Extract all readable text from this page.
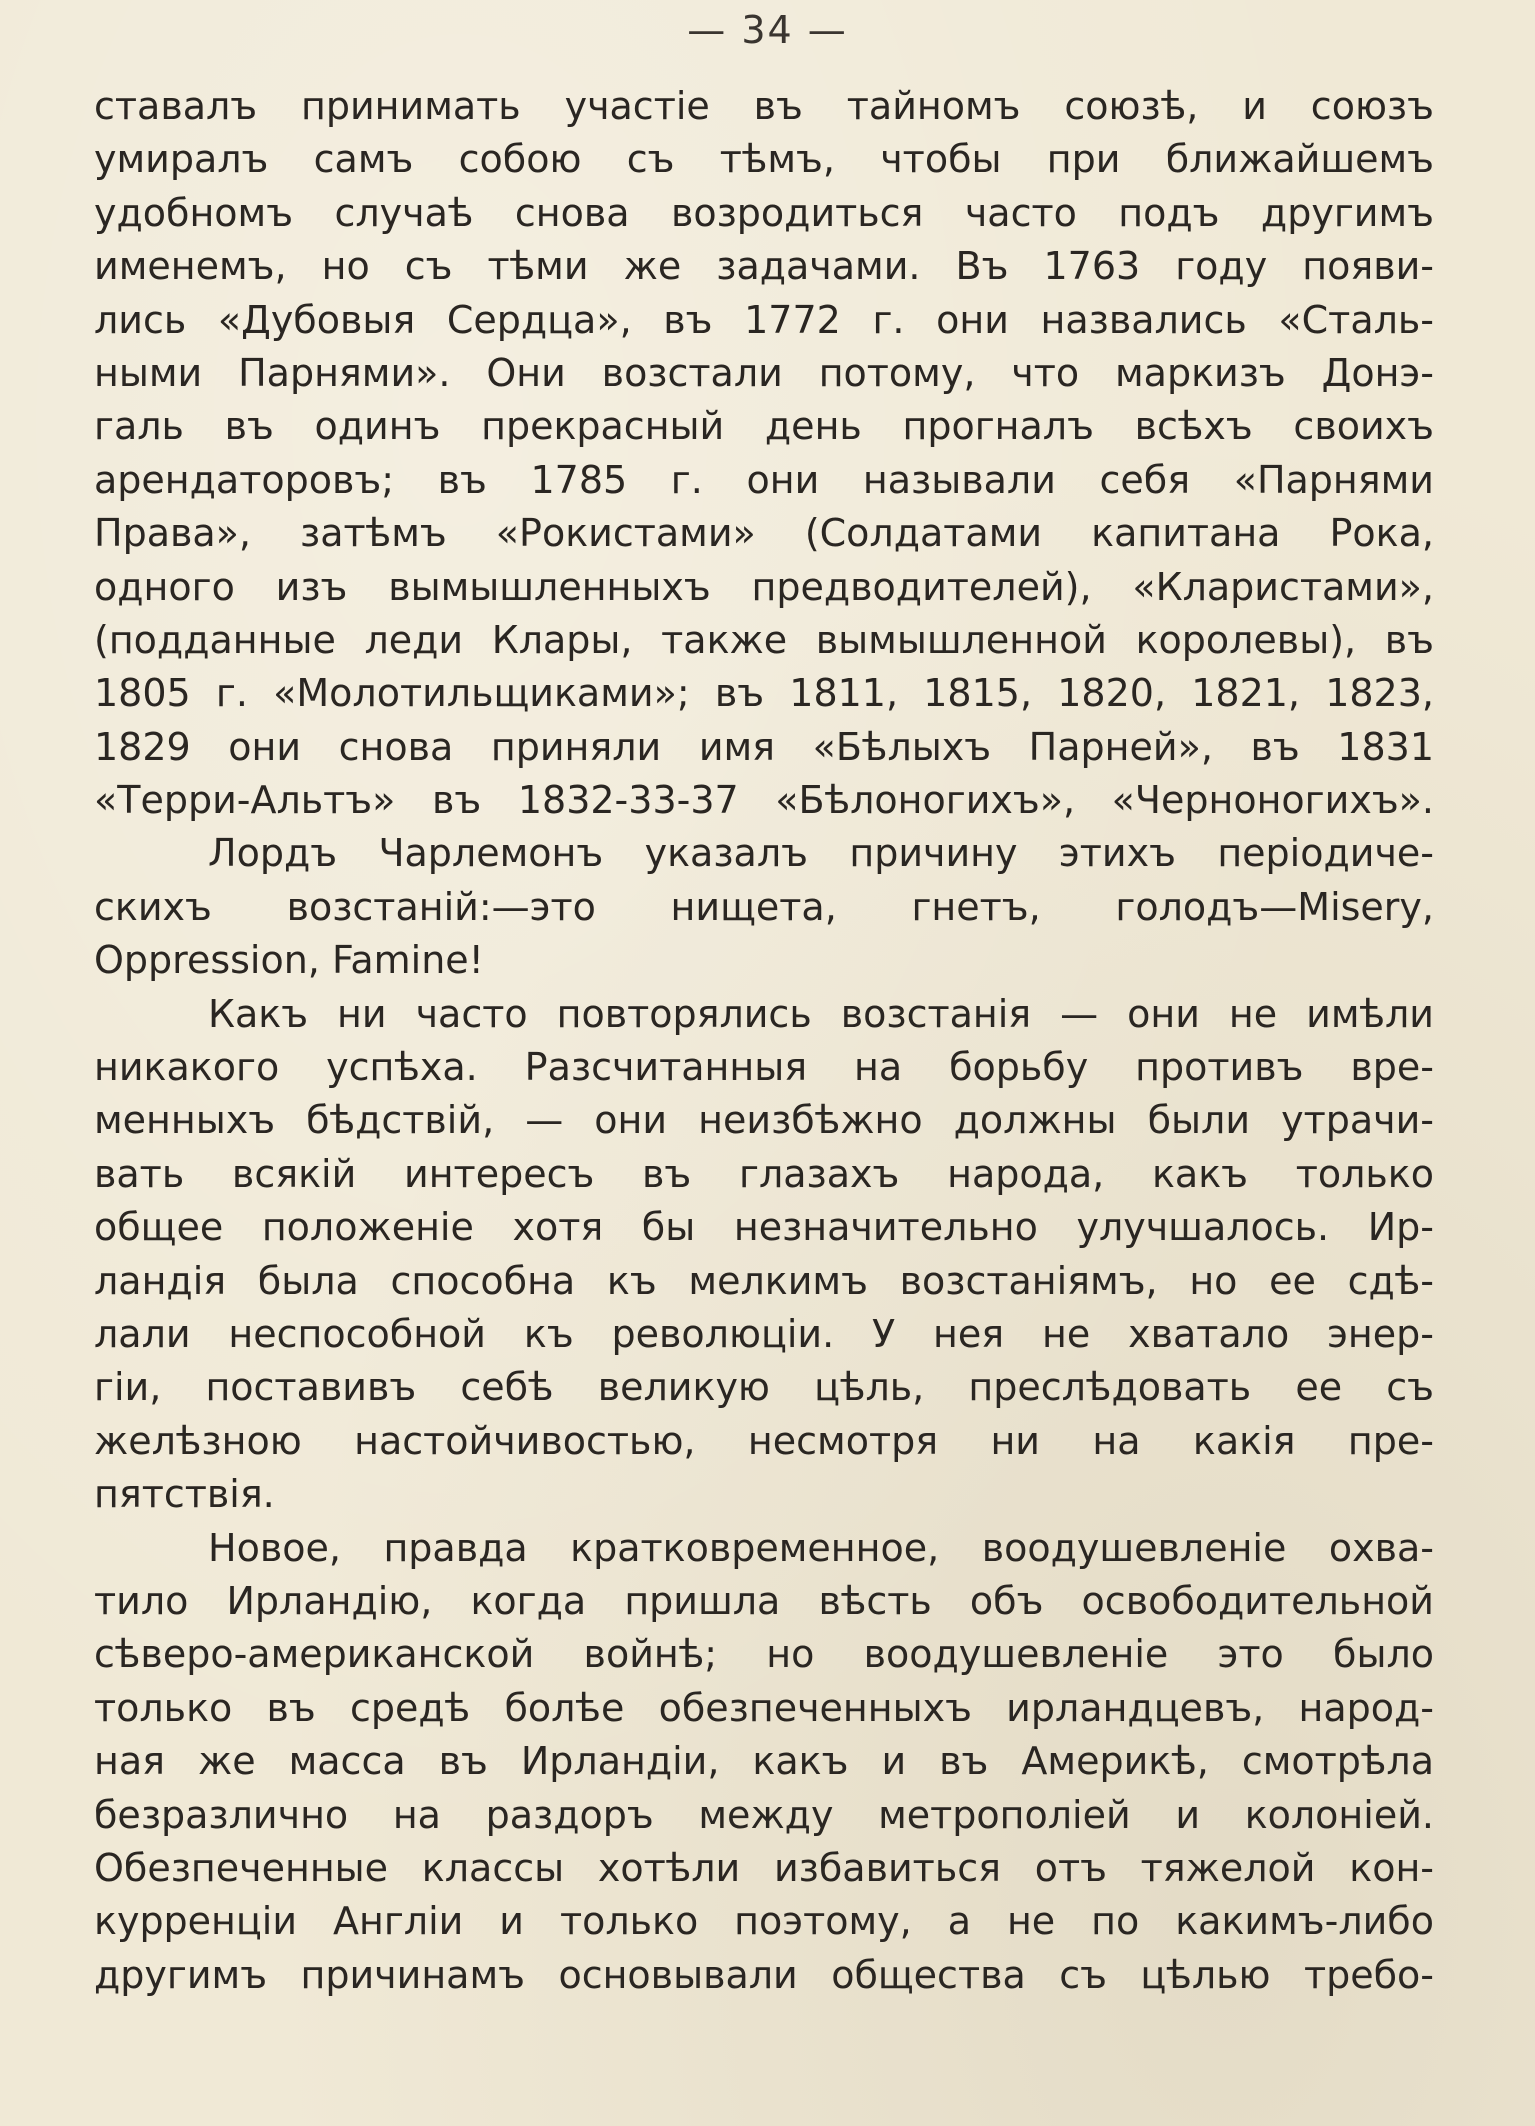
— 34 —
ставалъ принимать участіе въ тайномъ союзѣ, и союзъ
умиралъ самъ собою съ тѣмъ, чтобы при ближайшемъ
удобномъ случаѣ снова возродиться часто подъ другимъ
именемъ, но съ тѣми же задачами. Въ 1763 году появи-
лись «Дубовыя Сердца», въ 1772 г. они назвались «Сталь-
ными Парнями». Они возстали потому, что маркизъ Донэ-
галь въ одинъ прекрасный день прогналъ всѣхъ своихъ
арендаторовъ; въ 1785 г. они называли себя «Парнями
Права», затѣмъ «Рокистами» (Солдатами капитана Рока,
одного изъ вымышленныхъ предводителей), «Кларистами»,
(подданные леди Клары, также вымышленной королевы), въ
1805 г. «Молотильщиками»; въ 1811, 1815, 1820, 1821, 1823,
1829 они снова приняли имя «Бѣлыхъ Парней», въ 1831
«Терри-Альтъ» въ 1832-33-37 «Бѣлоногихъ», «Черноногихъ».
Лордъ Чарлемонъ указалъ причину этихъ періодиче-
скихъ возстаній:—это нищета, гнетъ, голодъ—Misery,
Oppression, Famine!
Какъ ни часто повторялись возстанія — они не имѣли
никакого успѣха. Разсчитанныя на борьбу противъ вре-
менныхъ бѣдствій, — они неизбѣжно должны были утрачи-
вать всякій интересъ въ глазахъ народа, какъ только
общее положеніе хотя бы незначительно улучшалось. Ир-
ландія была способна къ мелкимъ возстаніямъ, но ее сдѣ-
лали неспособной къ революціи. У нея не хватало энер-
гіи, поставивъ себѣ великую цѣль, преслѣдовать ее съ
желѣзною настойчивостью, несмотря ни на какія пре-
пятствія.
Новое, правда кратковременное, воодушевленіе охва-
тило Ирландію, когда пришла вѣсть объ освободительной
сѣверо-американской войнѣ; но воодушевленіе это было
только въ средѣ болѣе обезпеченныхъ ирландцевъ, народ-
ная же масса въ Ирландіи, какъ и въ Америкѣ, смотрѣла
безразлично на раздоръ между метрополіей и колоніей.
Обезпеченные классы хотѣли избавиться отъ тяжелой кон-
курренціи Англіи и только поэтому, а не по какимъ-либо
другимъ причинамъ основывали общества съ цѣлью требо-
